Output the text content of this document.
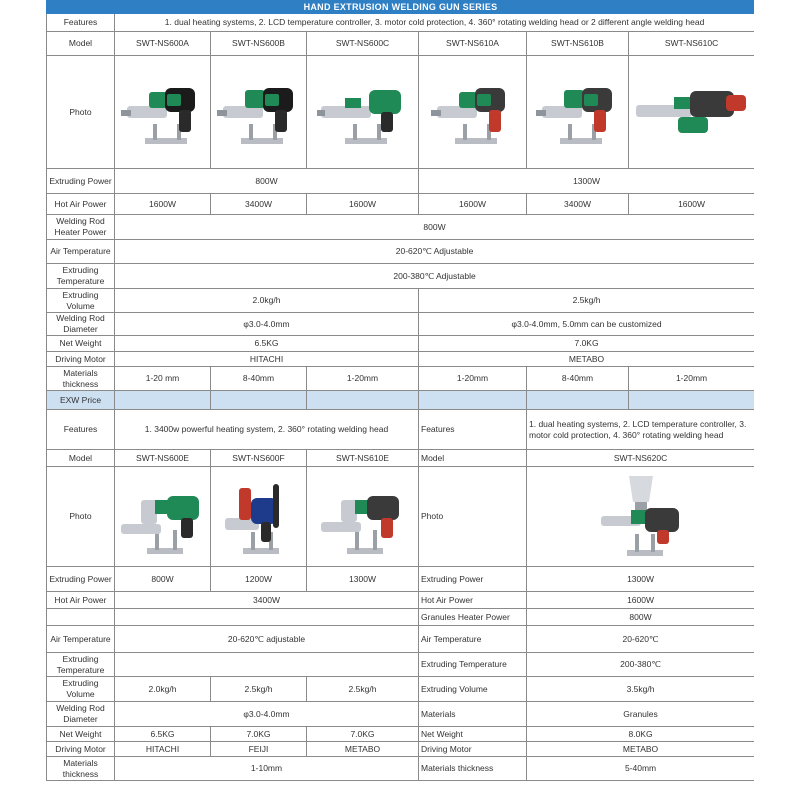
HAND EXTRUSION WELDING GUN SERIES						
Features	1. dual heating systems, 2. LCD temperature controller, 3. motor cold protection, 4. 360° rotating welding head or 2 different angle welding head					
Model	SWT-NS600A	SWT-NS600B	SWT-NS600C	SWT-NS610A	SWT-NS610B	SWT-NS610C
Photo	

Extruding Power	800W			1300W		
Hot Air Power	1600W	3400W	1600W	1600W	3400W	1600W
Welding Rod Heater Power	800W					
Air Temperature	20-620℃ Adjustable					
Extruding Temperature	200-380℃ Adjustable					
Extruding Volume	2.0kg/h			2.5kg/h		
Welding Rod Diameter	φ3.0-4.0mm			φ3.0-4.0mm, 5.0mm can be customized		
Net Weight	6.5KG			7.0KG		
Driving Motor	HITACHI			METABO		
Materials thickness	1-20 mm	8-40mm	1-20mm	1-20mm	8-40mm	1-20mm
EXW Price						
Features	1. 3400w powerful heating system, 2. 360° rotating welding head			Features	1. dual heating systems, 2. LCD temperature controller, 3. motor cold protection, 4. 360° rotating welding head	
Model	SWT-NS600E	SWT-NS600F	SWT-NS610E	Model	SWT-NS620C	
Photo				Photo	

Extruding Power	800W	1200W	1300W	Extruding Power	1300W	
Hot Air Power	3400W			Hot Air Power	1600W	
				Granules Heater Power	800W	
Air Temperature	20-620℃ adjustable			Air Temperature	20-620℃	
Extruding Temperature				Extruding Temperature	200-380℃	
Extruding Volume	2.0kg/h	2.5kg/h	2.5kg/h	Extruding Volume	3.5kg/h	
Welding Rod Diameter	φ3.0-4.0mm			Materials	Granules	
Net Weight	6.5KG	7.0KG	7.0KG	Net Weight	8.0KG	
Driving Motor	HITACHI	FEIJI	METABO	Driving Motor	METABO	
Materials thickness	1-10mm			Materials thickness	5-40mm	
